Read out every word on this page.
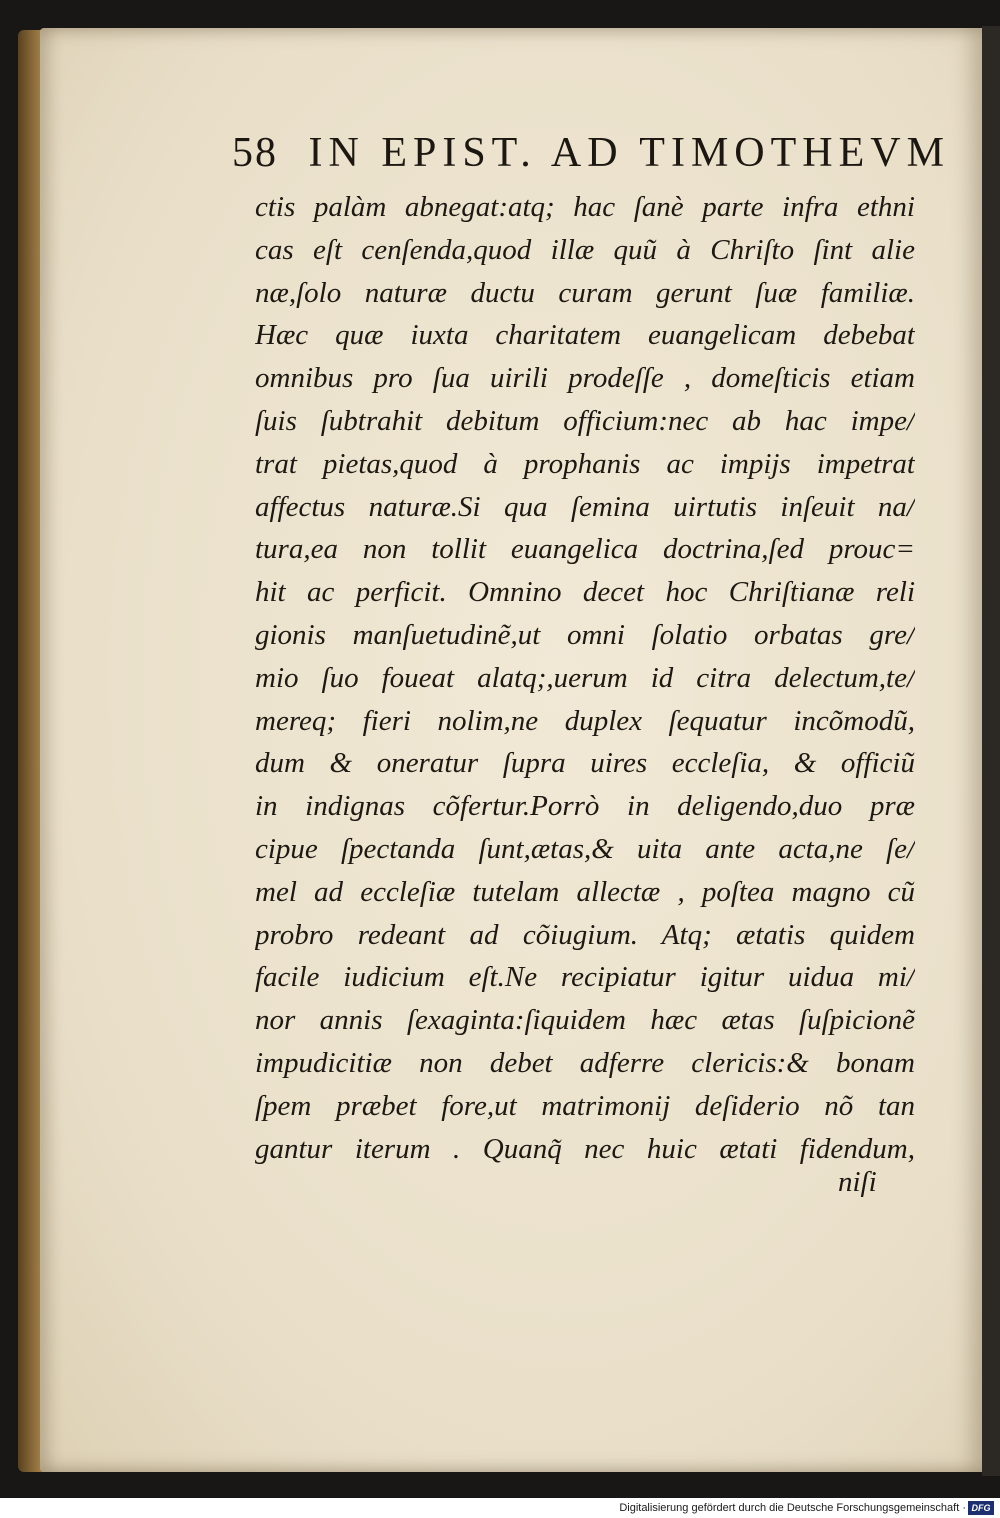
58 IN EPIST. AD TIMOTHEVM
ctis palàm abnegat:atq; hac ſanè parte infra ethni
cas eſt cenſenda,quod illæ quũ à Chriſto ſint alie
næ,ſolo naturæ ductu curam gerunt ſuæ familiæ.
Hæc quæ iuxta charitatem euangelicam debebat
omnibus pro ſua uirili prodeſſe , domeſticis etiam
ſuis ſubtrahit debitum officium:nec ab hac impe/
trat pietas,quod à prophanis ac impijs impetrat
affectus naturæ.Si qua ſemina uirtutis inſeuit na/
tura,ea non tollit euangelica doctrina,ſed prouc=
hit ac perficit. Omnino decet hoc Chriſtianæ reli
gionis manſuetudinẽ,ut omni ſolatio orbatas gre/
mio ſuo foueat alatq;,uerum id citra delectum,te/
mereq; fieri nolim,ne duplex ſequatur incõmodũ,
dum & oneratur ſupra uires eccleſia, & officiũ
in indignas cõfertur.Porrò in deligendo,duo præ
cipue ſpectanda ſunt,ætas,& uita ante acta,ne ſe/
mel ad eccleſiæ tutelam allectæ , poſtea magno cũ
probro redeant ad cõiugium. Atq; ætatis quidem
facile iudicium eſt.Ne recipiatur igitur uidua mi/
nor annis ſexaginta:ſiquidem hæc ætas ſuſpicionẽ
impudicitiæ non debet adferre clericis:& bonam
ſpem præbet fore,ut matrimonij deſiderio nõ tan
gantur iterum . Quanq̃ nec huic ætati fidendum,
niſi
Digitalisierung gefördert durch die Deutsche Forschungsgemeinschaft · DFG
